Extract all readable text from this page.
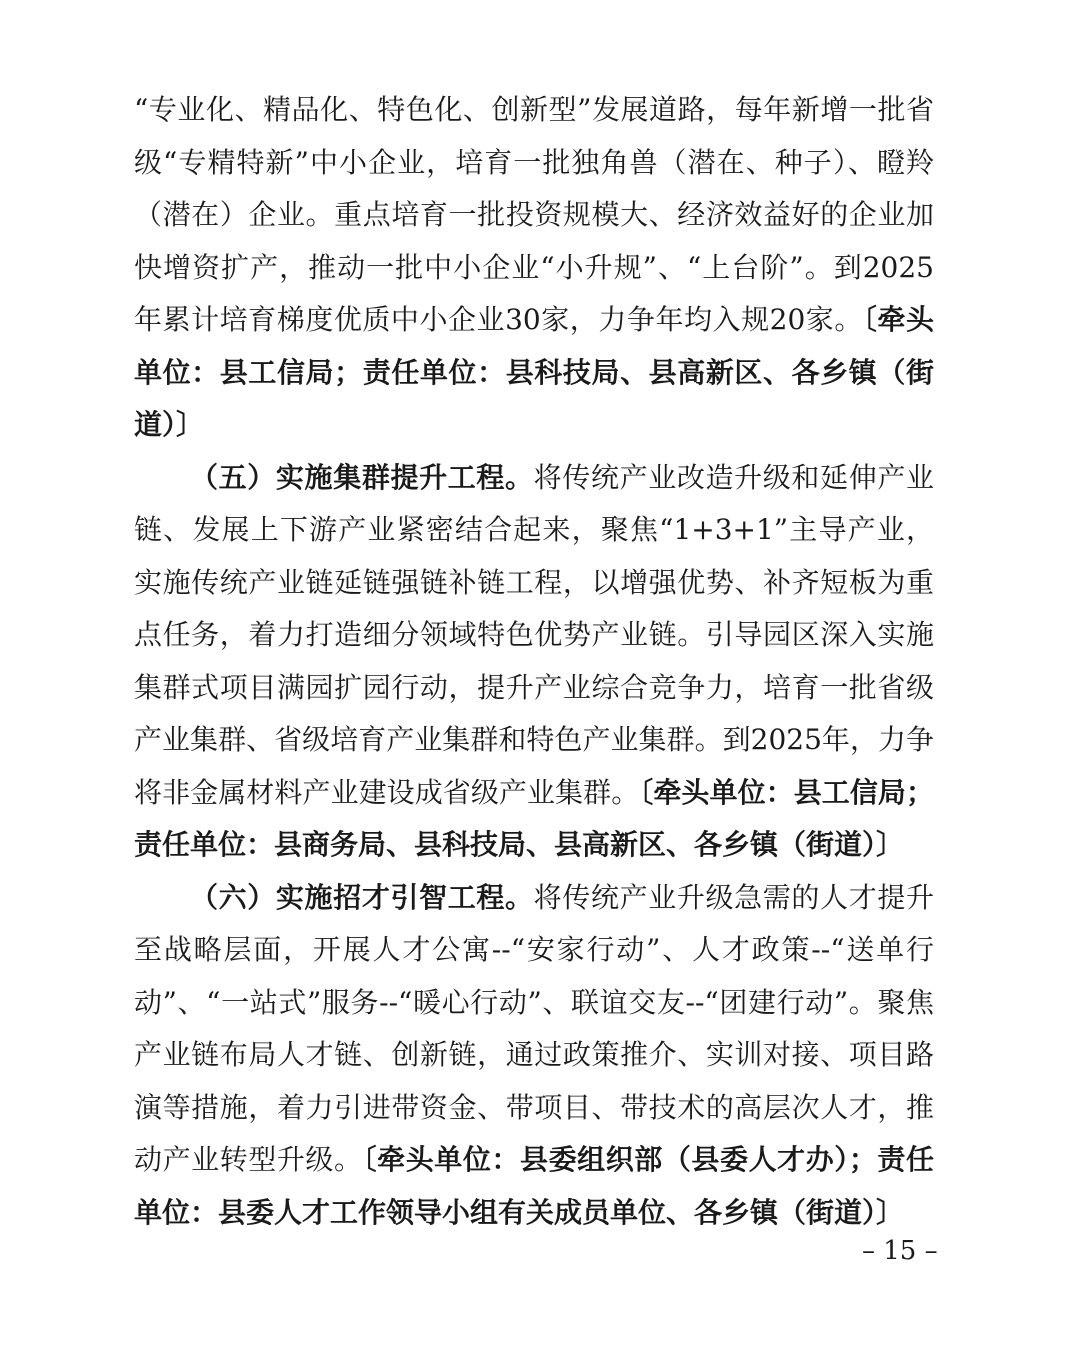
“专业化、精品化、特色化、创新型”发展道路，每年新增一批省级“专精特新”中小企业，培育一批独角兽（潜在、种子）、瞪羚（潜在）企业。重点培育一批投资规模大、经济效益好的企业加快增资扩产，推动一批中小企业“小升规”、“上台阶”。到2025年累计培育梯度优质中小企业30家，力争年均入规20家。〔牵头单位：县工信局；责任单位：县科技局、县高新区、各乡镇（街道）〕

（五）实施集群提升工程。将传统产业改造升级和延伸产业链、发展上下游产业紧密结合起来，聚焦“1+3+1”主导产业，实施传统产业链延链强链补链工程，以增强优势、补齐短板为重点任务，着力打造细分领域特色优势产业链。引导园区深入实施集群式项目满园扩园行动，提升产业综合竞争力，培育一批省级产业集群、省级培育产业集群和特色产业集群。到2025年，力争将非金属材料产业建设成省级产业集群。〔牵头单位：县工信局；责任单位：县商务局、县科技局、县高新区、各乡镇（街道）〕

（六）实施招才引智工程。将传统产业升级急需的人才提升至战略层面，开展人才公寓--“安家行动”、人才政策--“送单行动”、“一站式”服务--“暖心行动”、联谊交友--“团建行动”。聚焦产业链布局人才链、创新链，通过政策推介、实训对接、项目路演等措施，着力引进带资金、带项目、带技术的高层次人才，推动产业转型升级。〔牵头单位：县委组织部（县委人才办）；责任单位：县委人才工作领导小组有关成员单位、各乡镇（街道）〕

– 15 –
